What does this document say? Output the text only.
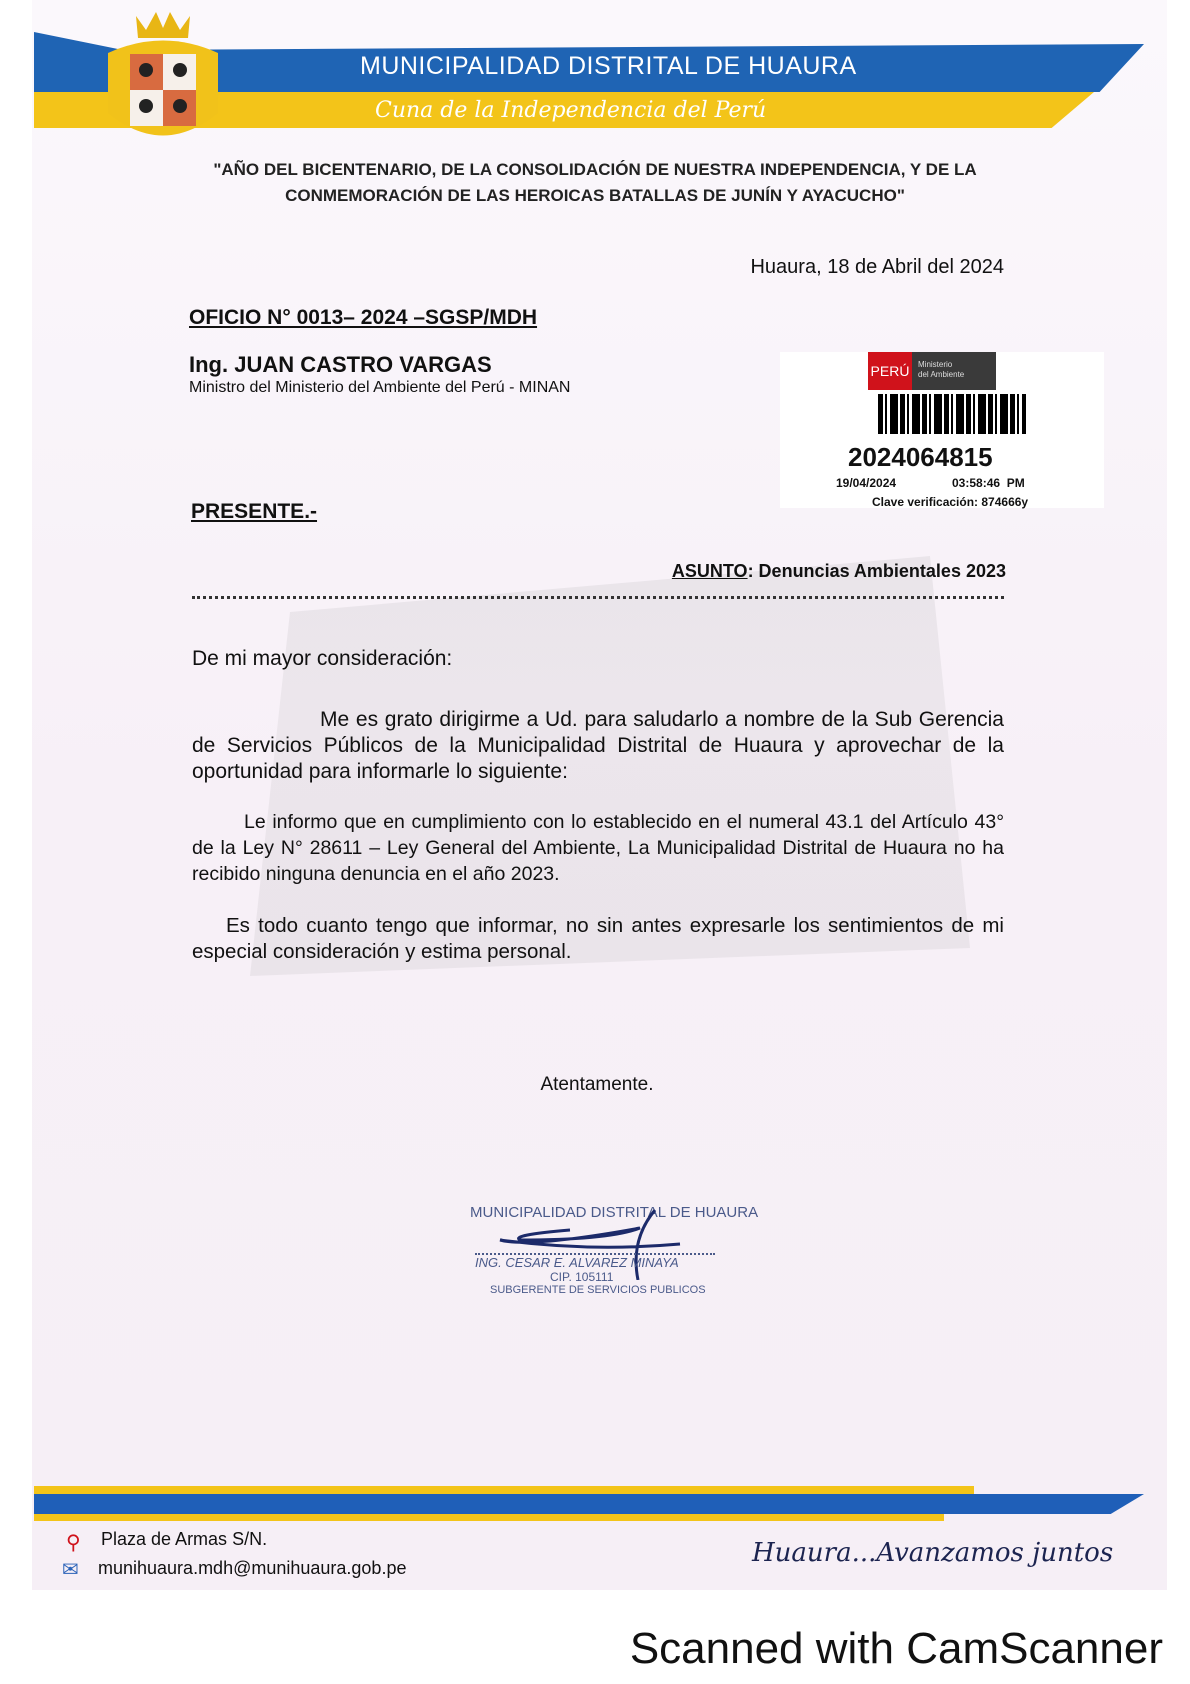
MUNICIPALIDAD DISTRITAL DE HUAURA
Cuna de la Independencia del Perú
"AÑO DEL BICENTENARIO, DE LA CONSOLIDACIÓN DE NUESTRA INDEPENDENCIA, Y DE LA
CONMEMORACIÓN DE LAS HEROICAS BATALLAS DE JUNÍN Y AYACUCHO"
Huaura, 18 de Abril del 2024
OFICIO N° 0013– 2024 –SGSP/MDH
Ing. JUAN CASTRO VARGAS
Ministro del Ministerio del Ambiente del Perú - MINAN
PERÚ	Ministerio
del Ambiente
2024064815
19/04/2024	03:58:46  PM
Clave verificación: 874666y
PRESENTE.-
ASUNTO: Denuncias Ambientales 2023
De mi mayor consideración:
Me es grato dirigirme a Ud. para saludarlo a nombre de la Sub Gerencia de Servicios Públicos de la Municipalidad Distrital de Huaura y aprovechar de la oportunidad para informarle lo siguiente:
Le informo que en cumplimiento con lo establecido en el numeral 43.1 del Artículo 43° de la Ley N° 28611 – Ley General del Ambiente, La Municipalidad Distrital de Huaura no ha recibido ninguna denuncia en el año 2023.
Es todo cuanto tengo que informar, no sin antes expresarle los sentimientos de mi especial consideración y estima personal.
Atentamente.
MUNICIPALIDAD DISTRITAL DE HUAURA
ING. CESAR E. ALVAREZ MINAYA
CIP. 105111
SUBGERENTE DE SERVICIOS PUBLICOS
⚲ Plaza de Armas S/N.
✉ munihuaura.mdh@munihuaura.gob.pe	Huaura...Avanzamos juntos
Scanned with CamScanner
